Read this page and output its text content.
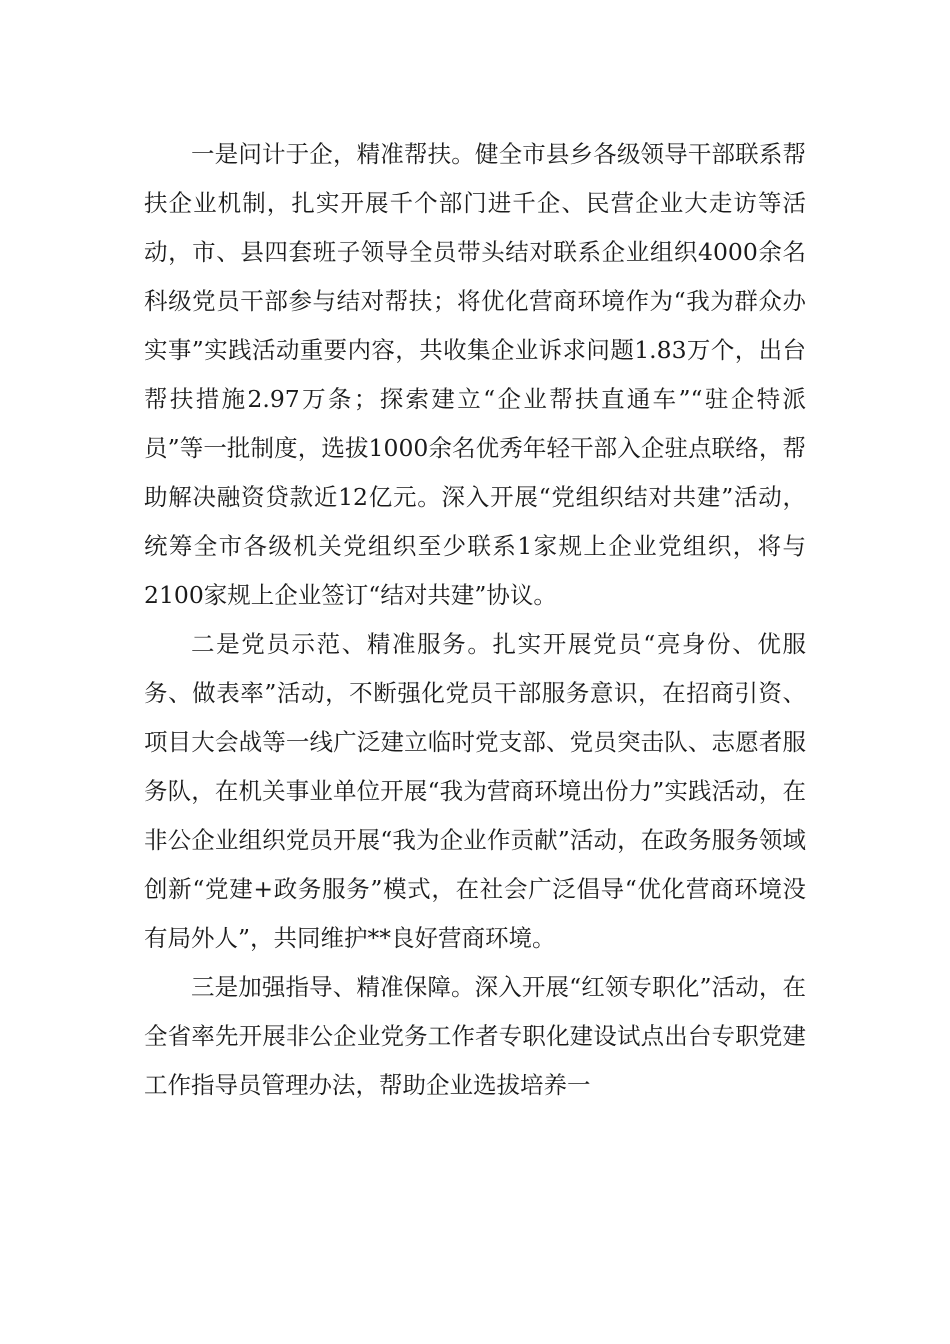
一是问计于企，精准帮扶。健全市县乡各级领导干部联系帮扶企业机制，扎实开展千个部门进千企、民营企业大走访等活动，市、县四套班子领导全员带头结对联系企业组织4000余名科级党员干部参与结对帮扶；将优化营商环境作为“我为群众办实事”实践活动重要内容，共收集企业诉求问题1.83万个，出台帮扶措施2.97万条；探索建立“企业帮扶直通车”“驻企特派员”等一批制度，选拔1000余名优秀年轻干部入企驻点联络，帮助解决融资贷款近12亿元。深入开展“党组织结对共建”活动，统筹全市各级机关党组织至少联系1家规上企业党组织，将与2100家规上企业签订“结对共建”协议。

二是党员示范、精准服务。扎实开展党员“亮身份、优服务、做表率”活动，不断强化党员干部服务意识，在招商引资、项目大会战等一线广泛建立临时党支部、党员突击队、志愿者服务队，在机关事业单位开展“我为营商环境出份力”实践活动，在非公企业组织党员开展“我为企业作贡献”活动，在政务服务领域创新“党建+政务服务”模式，在社会广泛倡导“优化营商环境没有局外人”，共同维护**良好营商环境。

三是加强指导、精准保障。深入开展“红领专职化”活动，在全省率先开展非公企业党务工作者专职化建设试点出台专职党建工作指导员管理办法，帮助企业选拔培养一
